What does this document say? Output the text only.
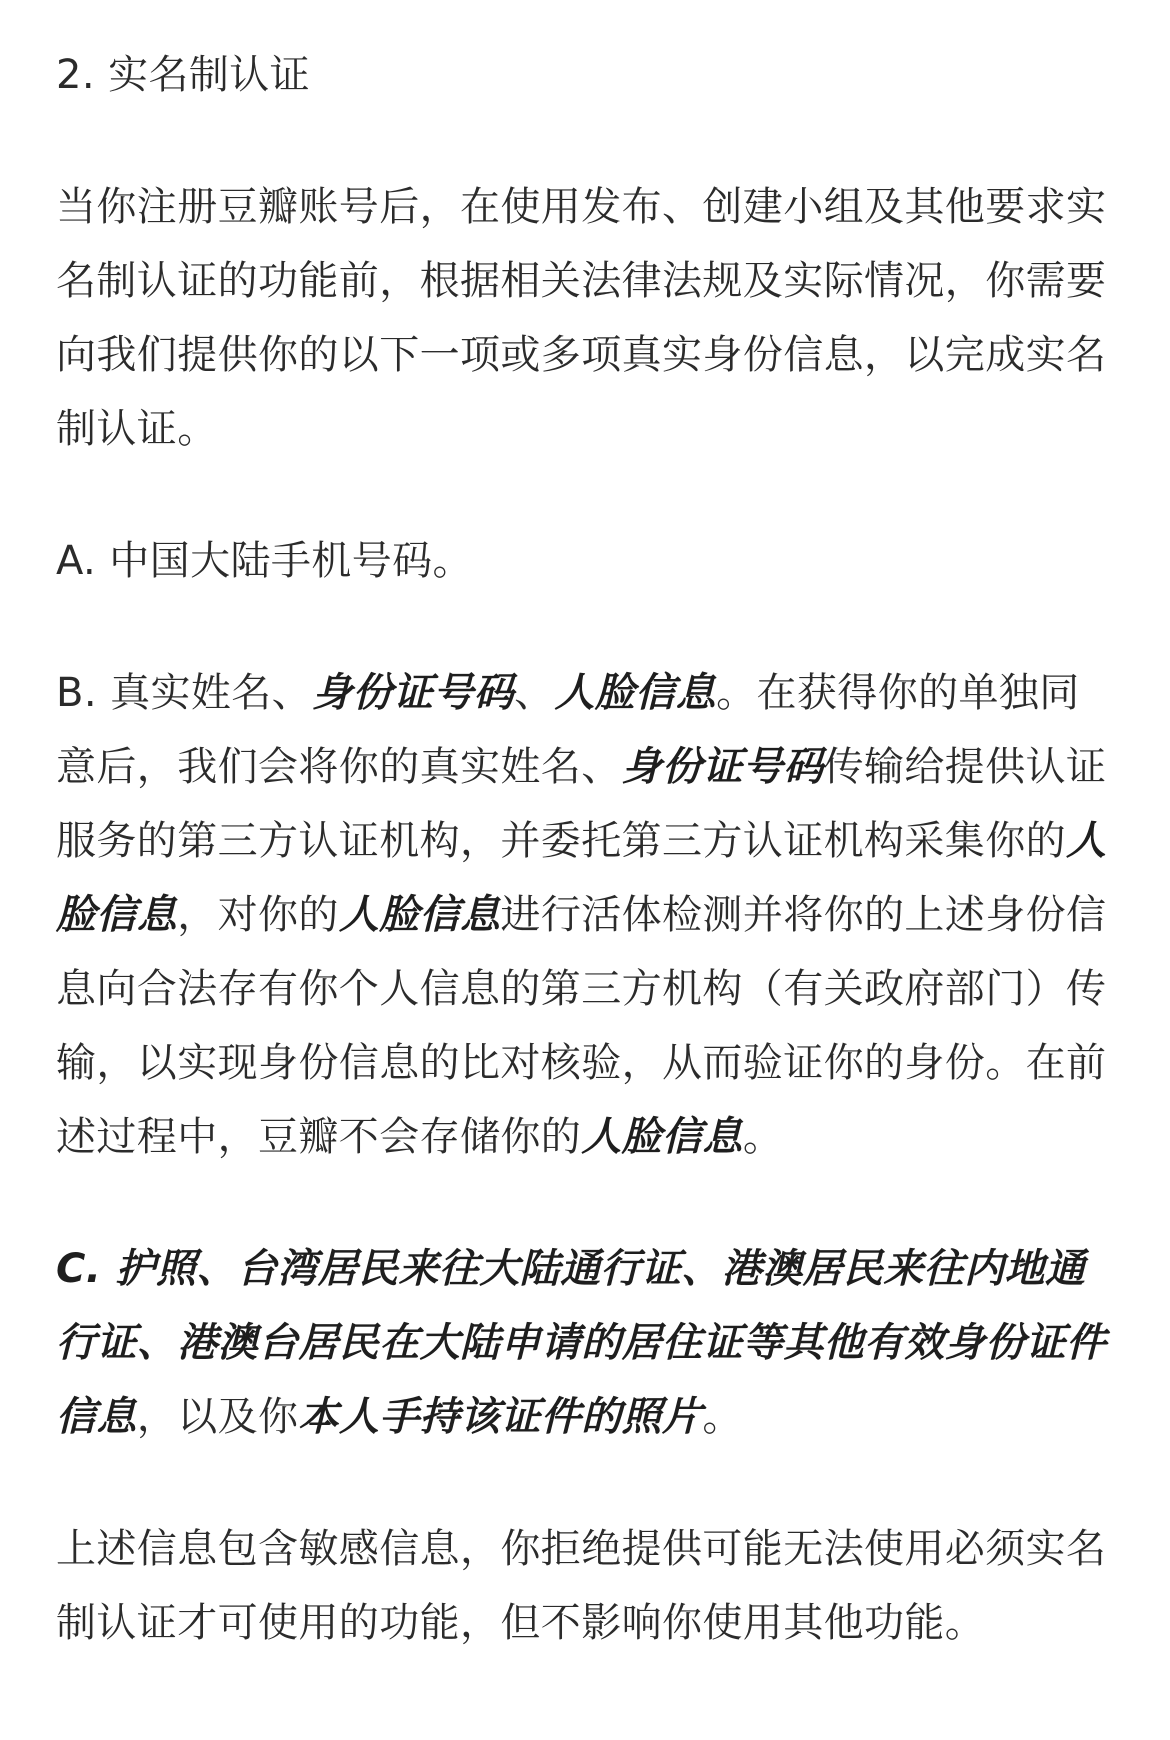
2. 实名制认证

当你注册豆瓣账号后，在使用发布、创建小组及其他要求实名制认证的功能前，根据相关法律法规及实际情况，你需要向我们提供你的以下一项或多项真实身份信息，以完成实名制认证。

A. 中国大陆手机号码。

B. 真实姓名、身份证号码、人脸信息。在获得你的单独同意后，我们会将你的真实姓名、身份证号码传输给提供认证服务的第三方认证机构，并委托第三方认证机构采集你的人脸信息，对你的人脸信息进行活体检测并将你的上述身份信息向合法存有你个人信息的第三方机构（有关政府部门）传输，以实现身份信息的比对核验，从而验证你的身份。在前述过程中，豆瓣不会存储你的人脸信息。

C. 护照、台湾居民来往大陆通行证、港澳居民来往内地通行证、港澳台居民在大陆申请的居住证等其他有效身份证件信息，以及你本人手持该证件的照片。

上述信息包含敏感信息，你拒绝提供可能无法使用必须实名制认证才可使用的功能，但不影响你使用其他功能。
